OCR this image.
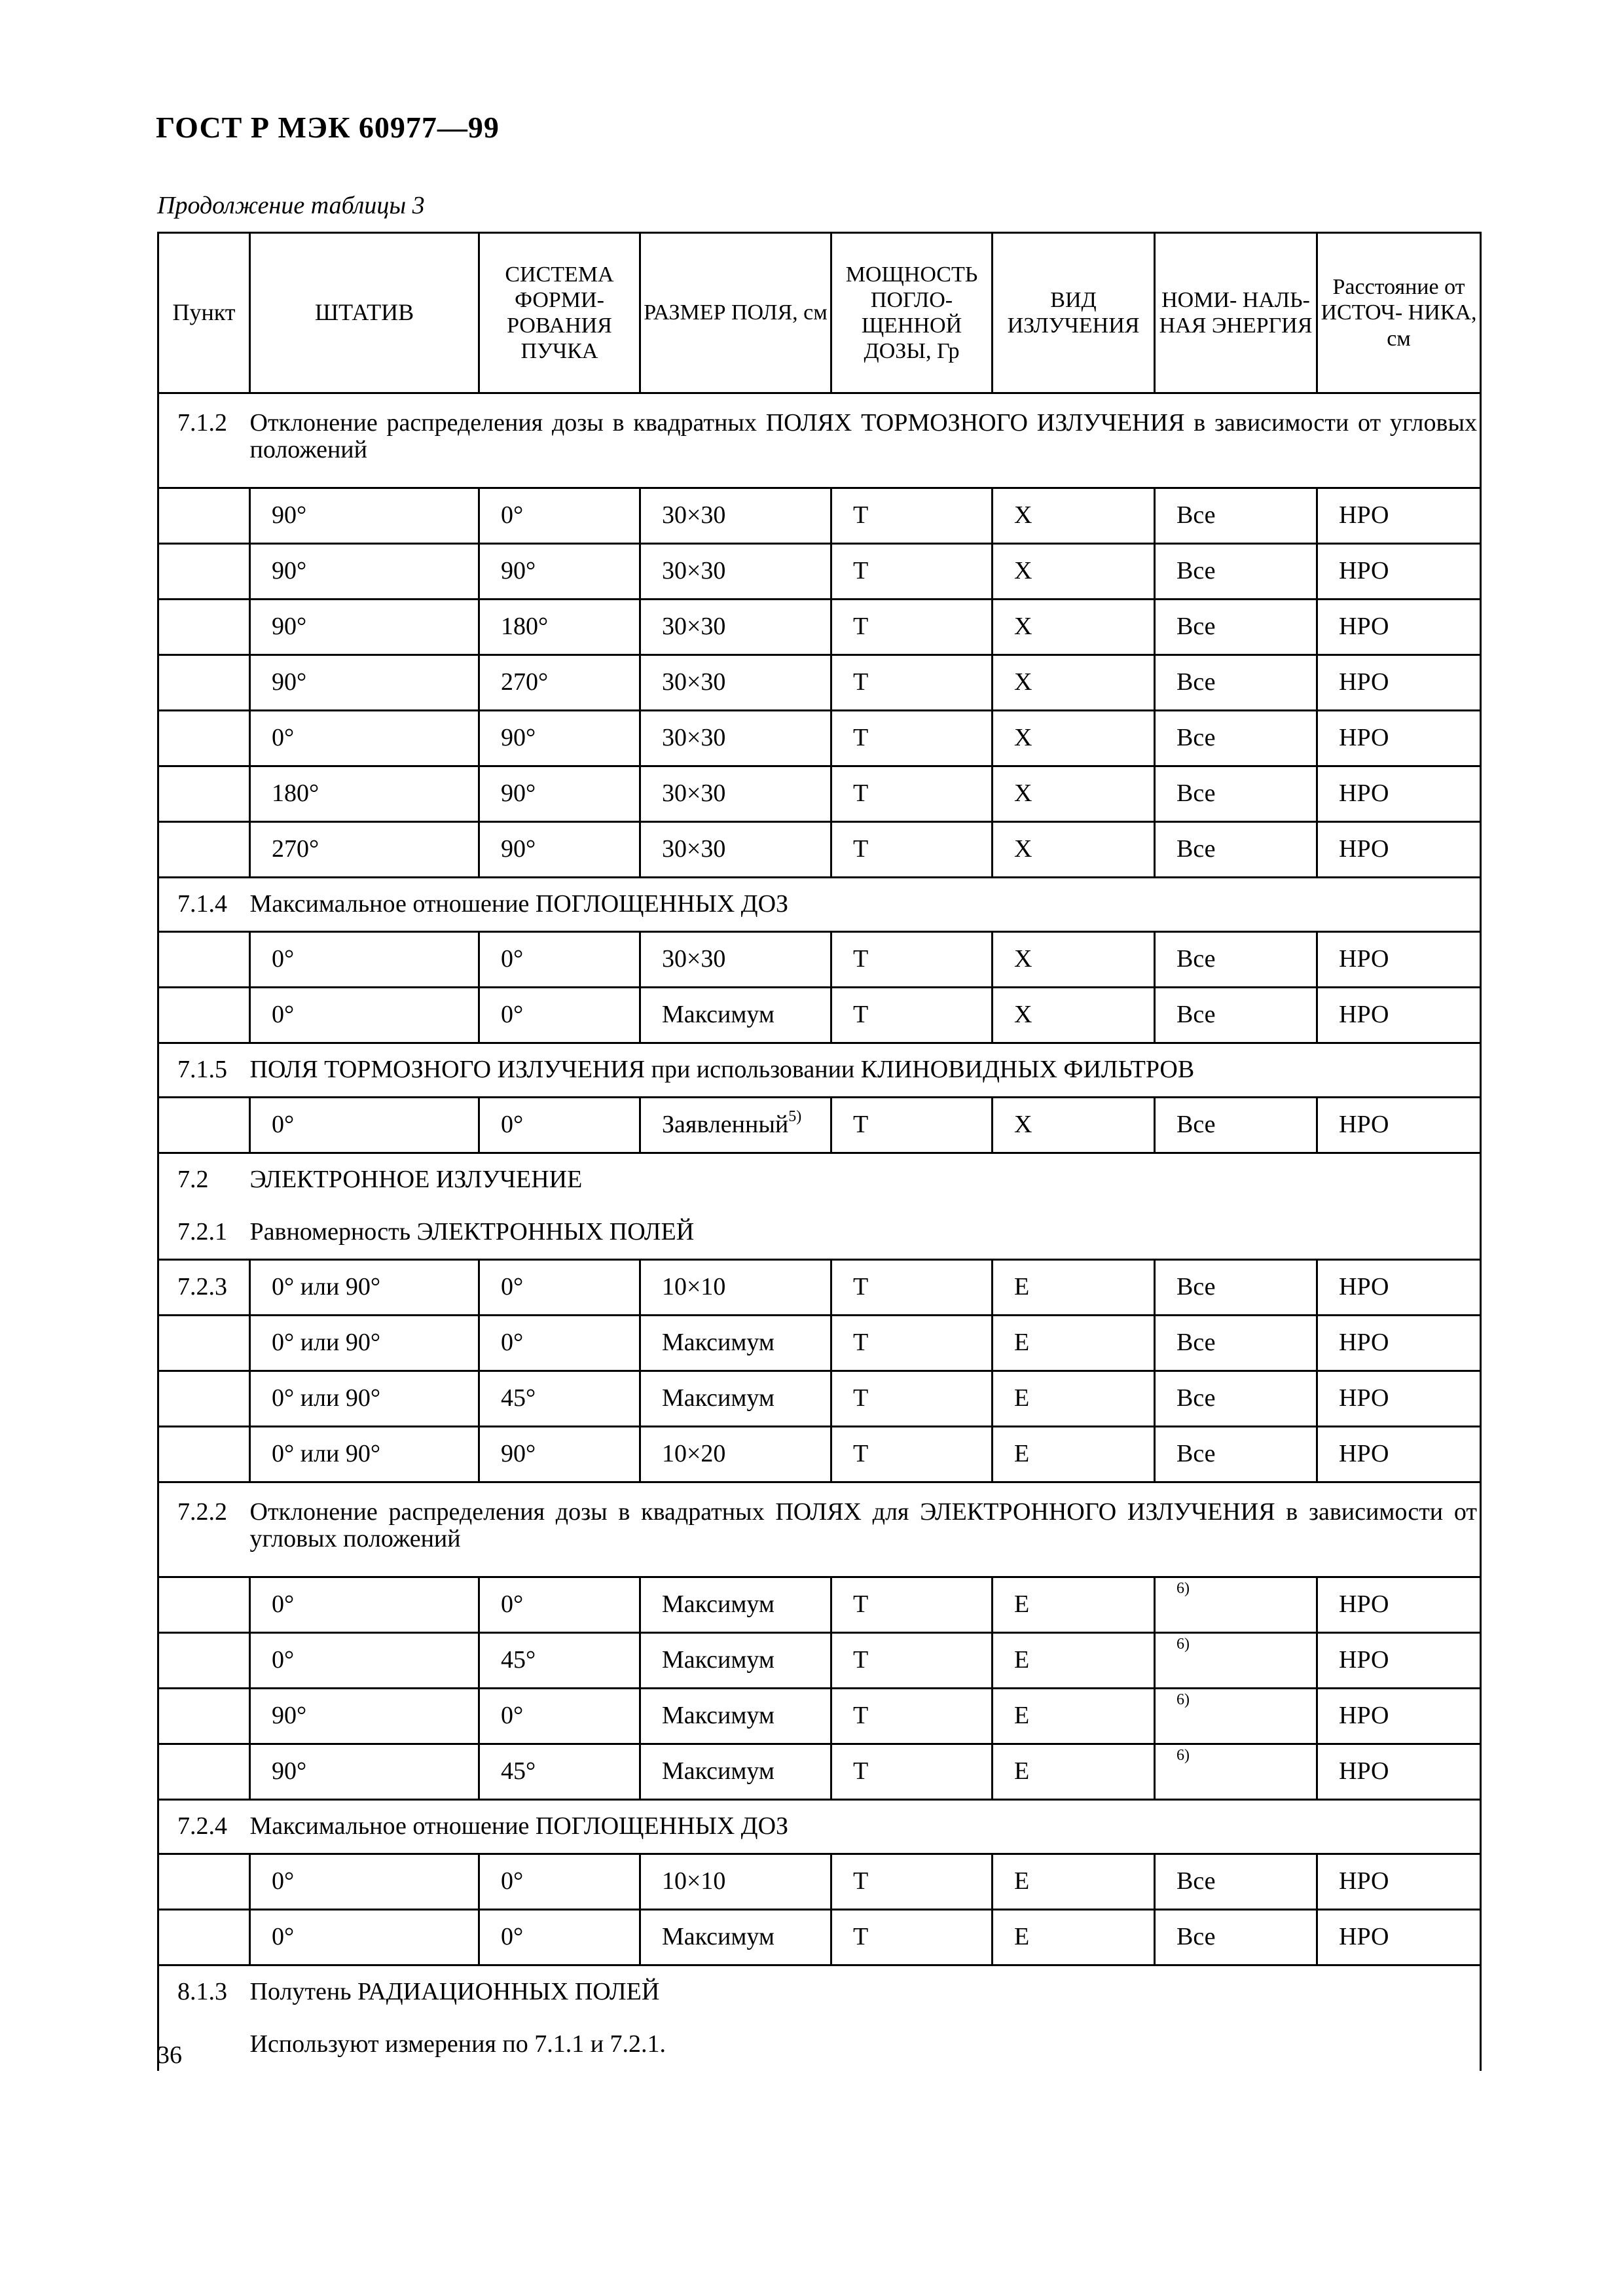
ГОСТ Р МЭК 60977—99
Продолжение таблицы 3
Пункт	ШТАТИВ	СИСТЕМА ФОРМИ- РОВАНИЯ ПУЧКА	РАЗМЕР ПОЛЯ, см	МОЩНОСТЬ ПОГЛО- ЩЕННОЙ ДОЗЫ, Гр	ВИД ИЗЛУЧЕНИЯ	НОМИ- НАЛЬ- НАЯ ЭНЕРГИЯ	Расстояние от ИСТОЧ- НИКА, см
7.1.2	Отклонение распределения дозы в квадратных ПОЛЯХ ТОРМОЗНОГО ИЗЛУЧЕНИЯ в зависимости от угловых положений						
	90°	0°	30×30	Т	X	Все	НРО
	90°	90°	30×30	Т	X	Все	НРО
	90°	180°	30×30	Т	X	Все	НРО
	90°	270°	30×30	Т	X	Все	НРО
	0°	90°	30×30	Т	X	Все	НРО
	180°	90°	30×30	Т	X	Все	НРО
	270°	90°	30×30	Т	X	Все	НРО
7.1.4	Максимальное отношение ПОГЛОЩЕННЫХ ДОЗ						
	0°	0°	30×30	Т	X	Все	НРО
	0°	0°	Максимум	Т	X	Все	НРО
7.1.5	ПОЛЯ ТОРМОЗНОГО ИЗЛУЧЕНИЯ при использовании КЛИНОВИДНЫХ ФИЛЬТРОВ						
	0°	0°	Заявленный$^{5)}$	Т	X	Все	НРО
7.2	ЭЛЕКТРОННОЕ ИЗЛУЧЕНИЕ						
7.2.1	Равномерность ЭЛЕКТРОННЫХ ПОЛЕЙ						
7.2.3	0° или 90°	0°	10×10	Т	Е	Все	НРО
	0° или 90°	0°	Максимум	Т	Е	Все	НРО
	0° или 90°	45°	Максимум	Т	Е	Все	НРО
	0° или 90°	90°	10×20	Т	Е	Все	НРО
7.2.2	Отклонение распределения дозы в квадратных ПОЛЯХ для ЭЛЕКТРОННОГО ИЗЛУЧЕНИЯ в зависимости от угловых положений						
	0°	0°	Максимум	Т	Е	6)	НРО
	0°	45°	Максимум	Т	Е	6)	НРО
	90°	0°	Максимум	Т	Е	6)	НРО
	90°	45°	Максимум	Т	Е	6)	НРО
7.2.4	Максимальное отношение ПОГЛОЩЕННЫХ ДОЗ						
	0°	0°	10×10	Т	Е	Все	НРО
	0°	0°	Максимум	Т	Е	Все	НРО
8.1.3	Полутень РАДИАЦИОННЫХ ПОЛЕЙ						
	Используют измерения по 7.1.1 и 7.2.1.						
36
